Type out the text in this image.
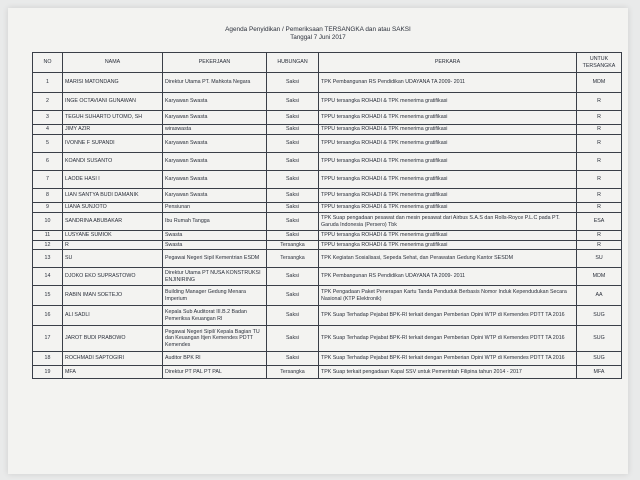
Agenda Penyidikan / Pemeriksaan TERSANGKA dan atau SAKSI
Tanggal 7 Juni 2017
NO	NAMA	PEKERJAAN	HUBUNGAN	PERKARA	UNTUK TERSANGKA
1	MARISI MATONDANG	Direktur Utama PT. Mahkota Negara	Saksi	TPK Pembangunan RS Pendidikan UDAYANA TA 2009- 2011	MDM
2	INGE OCTAVIANI GUNAWAN	Karyawan Swasta	Saksi	TPPU tersangka ROHADI & TPK menerima gratifikasi	R
3	TEGUH SUHARTO UTOMO, SH	Karyawan Swasta	Saksi	TPPU tersangka ROHADI & TPK menerima gratifikasi	R
4	JIMY AZIR	wiraswasta	Saksi	TPPU tersangka ROHADI & TPK menerima gratifikasi	R
5	IVONNE F SUPANDI	Karyawan Swasta	Saksi	TPPU tersangka ROHADI & TPK menerima gratifikasi	R
6	KOANDI SUSANTO	Karyawan Swasta	Saksi	TPPU tersangka ROHADI & TPK menerima gratifikasi	R
7	LAODE HASI I	Karyawan Swasta	Saksi	TPPU tersangka ROHADI & TPK menerima gratifikasi	R
8	LIAN SANTYA BUDI DAMANIK	Karyawan Swasta	Saksi	TPPU tersangka ROHADI & TPK menerima gratifikasi	R
9	LIANA SUNJOTO	Pensiunan	Saksi	TPPU tersangka ROHADI & TPK menerima gratifikasi	R
10	SANDRINA ABUBAKAR	Ibu Rumah Tangga	Saksi	TPK Suap pengadaan pesawat dan mesin pesawat dari Airbus S.A.S dan Rolls-Royce P.L.C pada PT. Garuda Indonesia (Persero) Tbk	ESA
11	LUSYANE SUMIOK	Swasta	Saksi	TPPU tersangka ROHADI & TPK menerima gratifikasi	R
12	R	Swasta	Tersangka	TPPU tersangka ROHADI & TPK menerima gratifikasi	R
13	SU	Pegawai Negeri Sipil Kementrian ESDM	Tersangka	TPK Kegiatan Sosialisasi, Sepeda Sehat, dan Perawatan Gedung Kantor SESDM	SU
14	DJOKO EKO SUPRASTOWO	Direktur Utama PT NUSA KONSTRUKSI ENJINIRING	Saksi	TPK Pembangunan RS Pendidikan UDAYANA TA 2009- 2011	MDM
15	RABIN IMAN SOETEJO	Building Manager Gedung Menara Imperium	Saksi	TPK Pengadaan Paket Penerapan Kartu Tanda Penduduk Berbasis Nomor Induk Kependudukan Secara Nasional (KTP Elektronik)	AA
16	ALI SADLI	Kepala Sub Auditorat III.B.2 Badan Pemeriksa Keuangan RI	Saksi	TPK Suap Terhadap Pejabat BPK-RI terkait dengan Pemberian Opini WTP di Kemendes PDTT TA 2016	SUG
17	JAROT BUDI PRABOWO	Pegawai Negeri Sipil/ Kepala Bagian TU dan Keuangan Itjen Kemendes PDTT Kemendes	Saksi	TPK Suap Terhadap Pejabat BPK-RI terkait dengan Pemberian Opini WTP di Kemendes PDTT TA 2016	SUG
18	ROCHMADI SAPTOGIRI	Auditor BPK RI	Saksi	TPK Suap Terhadap Pejabat BPK-RI terkait dengan Pemberian Opini WTP di Kemendes PDTT TA 2016	SUG
19	MFA	Direktur PT PAL PT PAL	Tersangka	TPK Suap terkait pengadaan Kapal SSV untuk Pemerintah Filipina tahun 2014 - 2017	MFA
